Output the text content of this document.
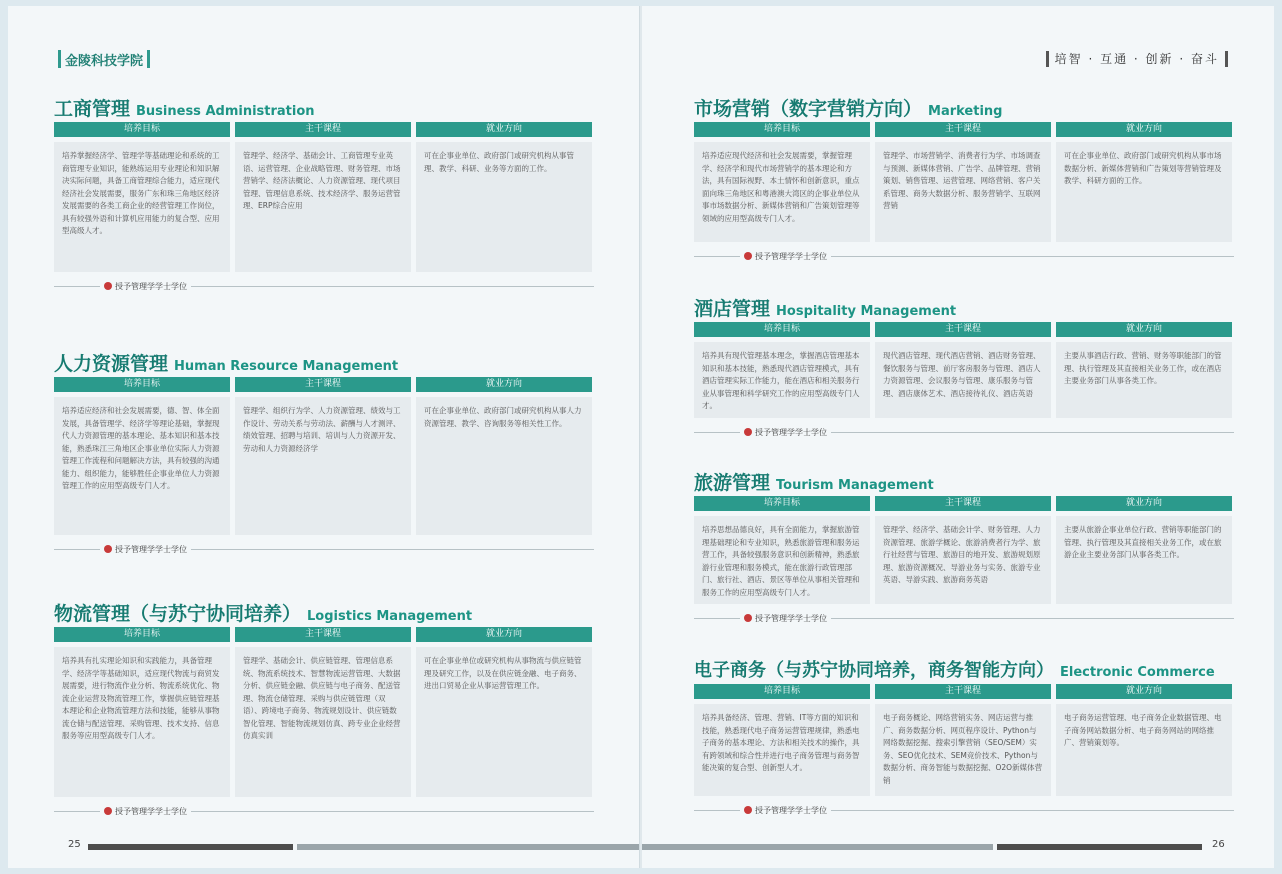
金陵科技学院
工商管理 Business Administration
培养目标
培养掌握经济学、管理学等基础理论和系统的工商管理专业知识，能熟练运用专业理论和知识解决实际问题，具备工商管理综合能力，适应现代经济社会发展需要，服务广东和珠三角地区经济发展需要的各类工商企业的经营管理工作岗位，具有较强外语和计算机应用能力的复合型、应用型高级人才。
主干课程
管理学、经济学、基础会计、工商管理专业英语、运营管理、企业战略管理、财务管理、市场营销学、经济法概论、人力资源管理、现代项目管理、管理信息系统、技术经济学、服务运营管理、ERP综合应用
就业方向
可在企事业单位、政府部门或研究机构从事管理、教学、科研、业务等方面的工作。
授予管理学学士学位
人力资源管理 Human Resource Management
培养目标
培养适应经济和社会发展需要，德、智、体全面发展，具备管理学、经济学等理论基础，掌握现代人力资源管理的基本理论、基本知识和基本技能，熟悉珠江三角地区企事业单位实际人力资源管理工作流程和问题解决方法，具有较强的沟通能力、组织能力，能够胜任企事业单位人力资源管理工作的应用型高级专门人才。
主干课程
管理学、组织行为学、人力资源管理、绩效与工作设计、劳动关系与劳动法、薪酬与人才测评、绩效管理、招聘与培训、培训与人力资源开发、劳动和人力资源经济学
就业方向
可在企事业单位、政府部门或研究机构从事人力资源管理、教学、咨询服务等相关性工作。
授予管理学学士学位
物流管理（与苏宁协同培养） Logistics Management
培养目标
培养具有扎实理论知识和实践能力，具备管理学、经济学等基础知识，适应现代物流与商贸发展需要，进行物流作业分析、物流系统优化、物流企业运营及物流管理工作，掌握供应链管理基本理论和企业物流管理方法和技能，能够从事物流仓储与配送管理、采购管理、技术支持、信息服务等应用型高级专门人才。
主干课程
管理学、基础会计、供应链管理、管理信息系统、物流系统技术、智慧物流运营管理、大数据分析、供应链金融、供应链与电子商务、配送管理、物流仓储管理、采购与供应链管理（双语）、跨境电子商务、物流规划设计、供应链数智化管理、智能物流规划仿真、跨专业企业经营仿真实训
就业方向
可在企事业单位或研究机构从事物流与供应链管理及研究工作，以及在供应链金融、电子商务、进出口贸易企业从事运营管理工作。
授予管理学学士学位
25
培智 · 互通 · 创新 · 奋斗
市场营销（数字营销方向） Marketing
培养目标
培养适应现代经济和社会发展需要，掌握管理学、经济学和现代市场营销学的基本理论和方法，具有国际视野、本土情怀和创新意识，重点面向珠三角地区和粤港澳大湾区的企事业单位从事市场数据分析、新媒体营销和广告策划管理等领域的应用型高级专门人才。
主干课程
管理学、市场营销学、消费者行为学、市场调查与预测、新媒体营销、广告学、品牌管理、营销策划、销售管理、运营管理、网络营销、客户关系管理、商务大数据分析、服务营销学、互联网营销
就业方向
可在企事业单位、政府部门或研究机构从事市场数据分析、新媒体营销和广告策划等营销管理及教学、科研方面的工作。
授予管理学学士学位
酒店管理 Hospitality Management
培养目标
培养具有现代管理基本理念，掌握酒店管理基本知识和基本技能，熟悉现代酒店管理模式，具有酒店管理实际工作能力，能在酒店和相关服务行业从事管理和科学研究工作的应用型高级专门人才。
主干课程
现代酒店管理、现代酒店营销、酒店财务管理、餐饮服务与管理、前厅客房服务与管理、酒店人力资源管理、会议服务与管理、康乐服务与管理、酒店康体艺术、酒店接待礼仪、酒店英语
就业方向
主要从事酒店行政、营销、财务等职能部门的管理、执行管理及其直接相关业务工作，或在酒店主要业务部门从事各类工作。
授予管理学学士学位
旅游管理 Tourism Management
培养目标
培养思想品德良好，具有全面能力，掌握旅游管理基础理论和专业知识，熟悉旅游管理和服务运营工作，具备较强服务意识和创新精神，熟悉旅游行业管理和服务模式，能在旅游行政管理部门、旅行社、酒店、景区等单位从事相关管理和服务工作的应用型高级专门人才。
主干课程
管理学、经济学、基础会计学、财务管理、人力资源管理、旅游学概论、旅游消费者行为学、旅行社经营与管理、旅游目的地开发、旅游规划原理、旅游资源概况、导游业务与实务、旅游专业英语、导游实践、旅游商务英语
就业方向
主要从旅游企事业单位行政、营销等职能部门的管理、执行管理及其直接相关业务工作，或在旅游企业主要业务部门从事各类工作。
授予管理学学士学位
电子商务（与苏宁协同培养，商务智能方向） Electronic Commerce
培养目标
培养具备经济、管理、营销、IT等方面的知识和技能，熟悉现代电子商务运营管理规律，熟悉电子商务的基本理论、方法和相关技术的操作，具有跨领域和综合性并进行电子商务管理与商务智能决策的复合型、创新型人才。
主干课程
电子商务概论、网络营销实务、网店运营与推广、商务数据分析、网页程序设计、Python与网络数据挖掘、搜索引擎营销（SEO/SEM）实务、SEO优化技术、SEM竞价技术、Python与数据分析、商务智能与数据挖掘、O2O新媒体营销
就业方向
电子商务运营管理、电子商务企业数据管理、电子商务网站数据分析、电子商务网站的网络推广、营销策划等。
授予管理学学士学位
26
